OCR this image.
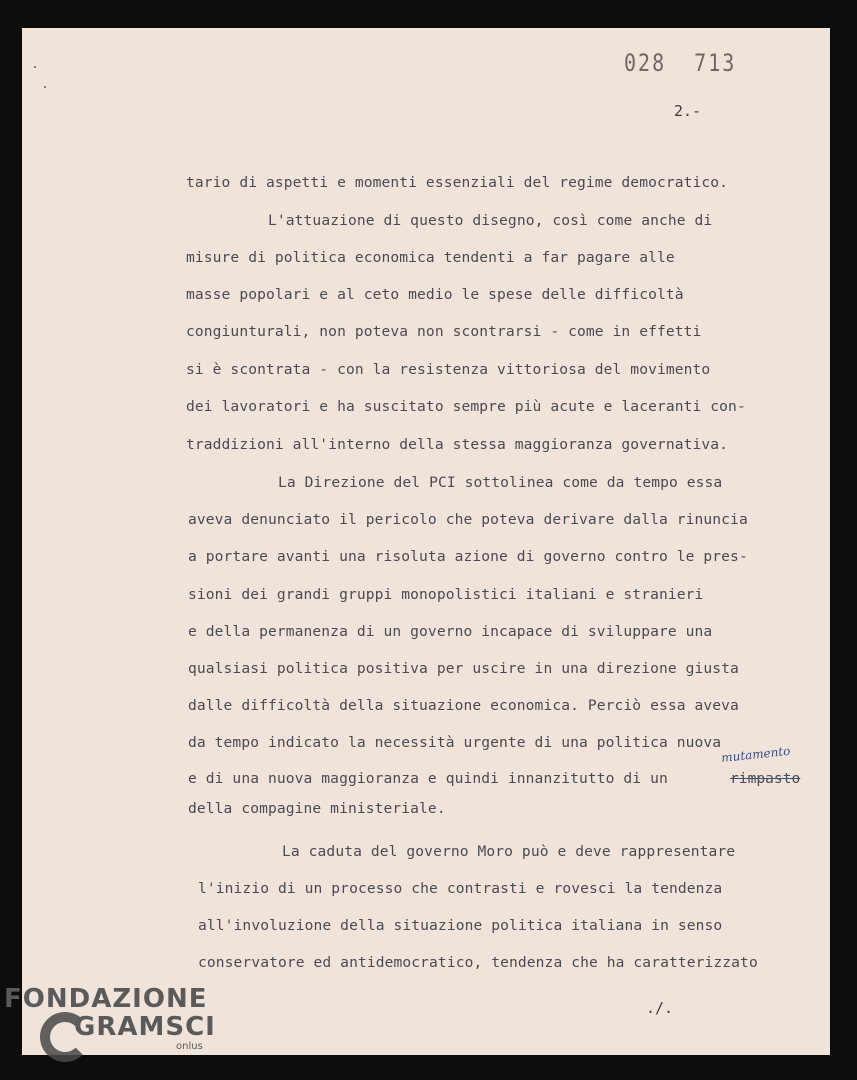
028 713
2.-
tario di aspetti e momenti essenziali del regime democratico.
L'attuazione di questo disegno, così come anche di
misure di politica economica tendenti a far pagare alle
masse popolari e al ceto medio le spese delle difficoltà
congiunturali, non poteva non scontrarsi - come in effetti
si è scontrata - con la resistenza vittoriosa del movimento
dei lavoratori e ha suscitato sempre più acute e laceranti con-
traddizioni all'interno della stessa maggioranza governativa.
La Direzione del PCI sottolinea come da tempo essa
aveva denunciato il pericolo che poteva derivare dalla rinuncia
a portare avanti una risoluta azione di governo contro le pres-
sioni dei grandi gruppi monopolistici italiani e stranieri
e della permanenza di un governo incapace di sviluppare una
qualsiasi politica positiva per uscire in una direzione giusta
dalle difficoltà della situazione economica. Perciò essa aveva
da tempo indicato la necessità urgente di una politica nuova
e di una nuova maggioranza e quindi innanzitutto di un	rimpasto
mutamento
della compagine ministeriale.
La caduta del governo Moro può e deve rappresentare
l'inizio di un processo che contrasti e rovesci la tendenza
all'involuzione della situazione politica italiana in senso
conservatore ed antidemocratico, tendenza che ha caratterizzato
./.
FONDAZIONE
GRAMSCI
onlus
